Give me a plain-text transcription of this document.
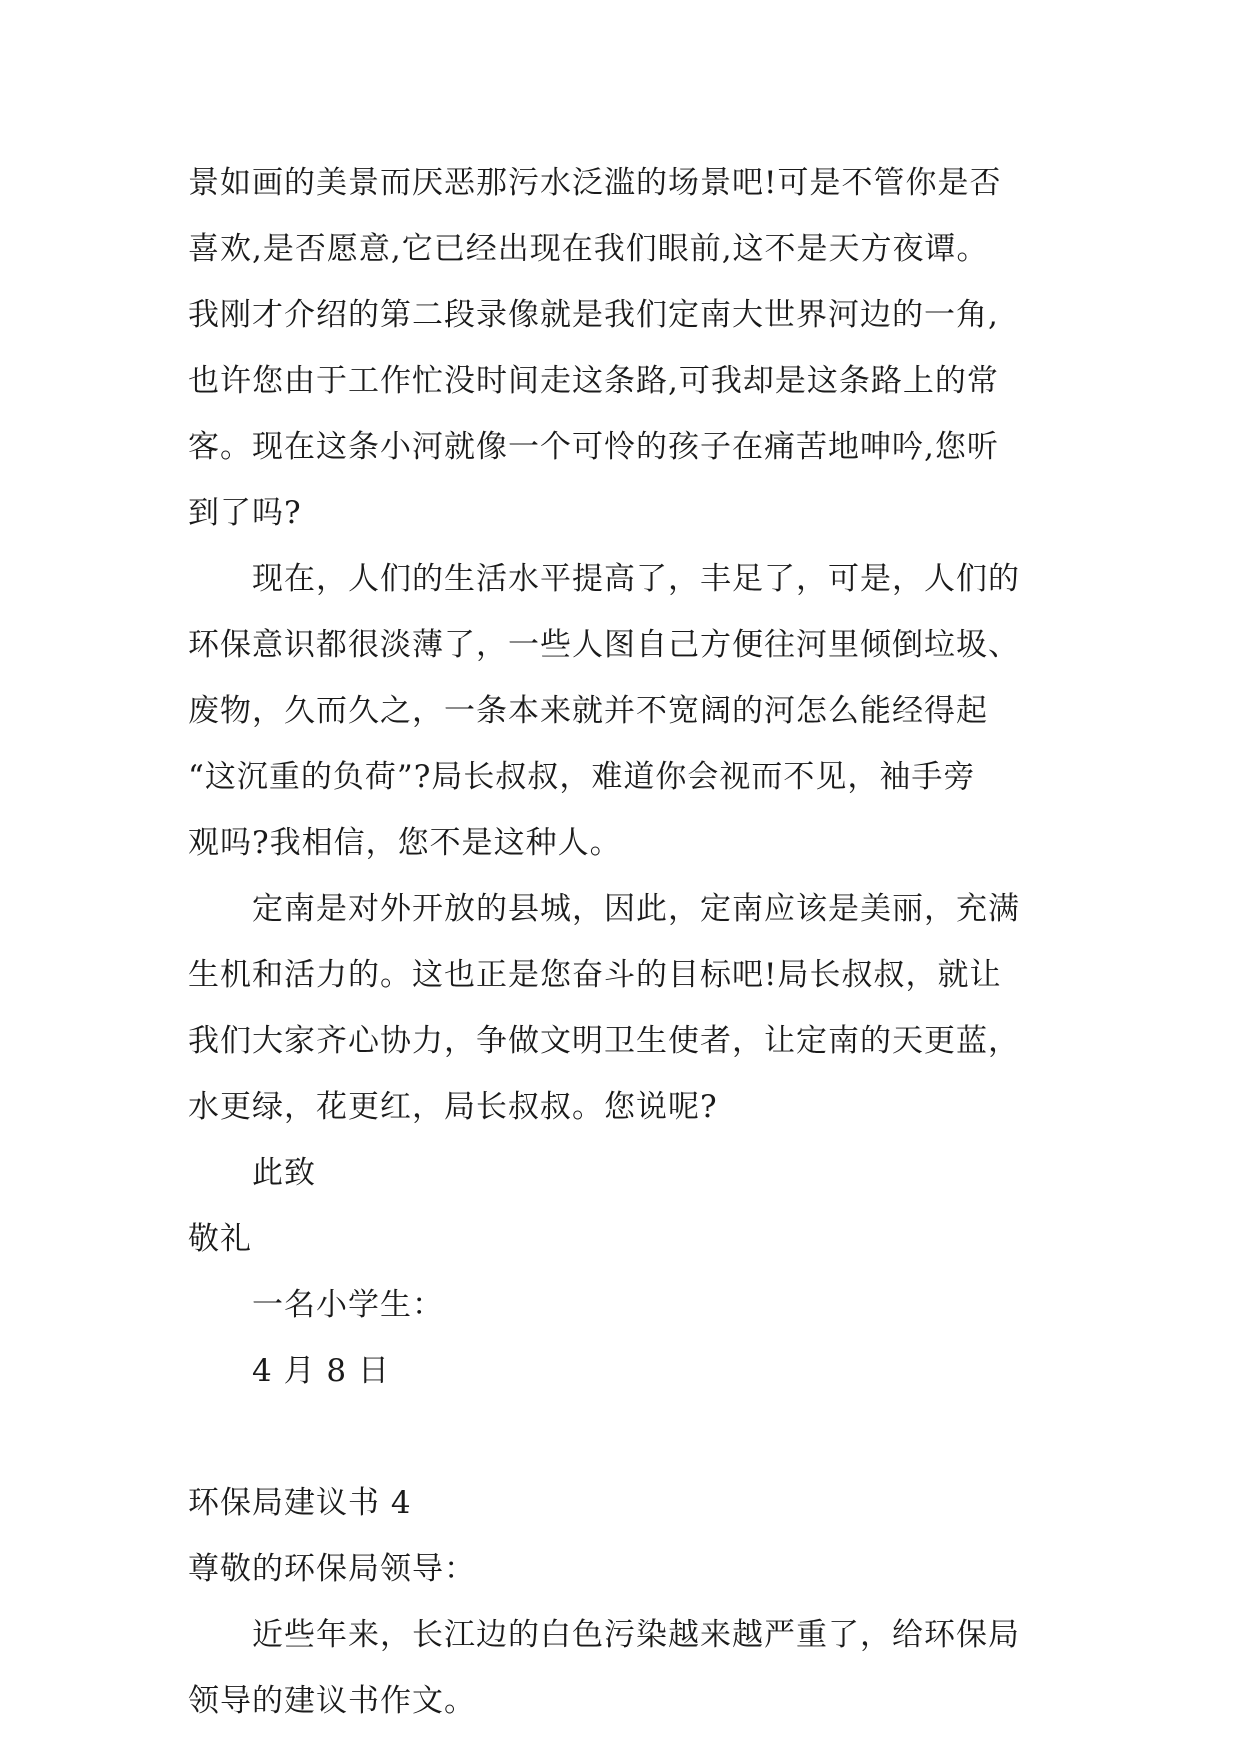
景如画的美景而厌恶那污水泛滥的场景吧!可是不管你是否
喜欢,是否愿意,它已经出现在我们眼前,这不是天方夜谭。
我刚才介绍的第二段录像就是我们定南大世界河边的一角,
也许您由于工作忙没时间走这条路,可我却是这条路上的常
客。现在这条小河就像一个可怜的孩子在痛苦地呻吟,您听
到了吗?
现在，人们的生活水平提高了，丰足了，可是，人们的
环保意识都很淡薄了，一些人图自己方便往河里倾倒垃圾、
废物，久而久之，一条本来就并不宽阔的河怎么能经得起
“这沉重的负荷”?局长叔叔，难道你会视而不见，袖手旁
观吗?我相信，您不是这种人。
定南是对外开放的县城，因此，定南应该是美丽，充满
生机和活力的。这也正是您奋斗的目标吧!局长叔叔，就让
我们大家齐心协力，争做文明卫生使者，让定南的天更蓝，
水更绿，花更红，局长叔叔。您说呢?
此致
敬礼
一名小学生：
4 月 8 日
环保局建议书 4
尊敬的环保局领导：
近些年来，长江边的白色污染越来越严重了，给环保局
领导的建议书作文。
